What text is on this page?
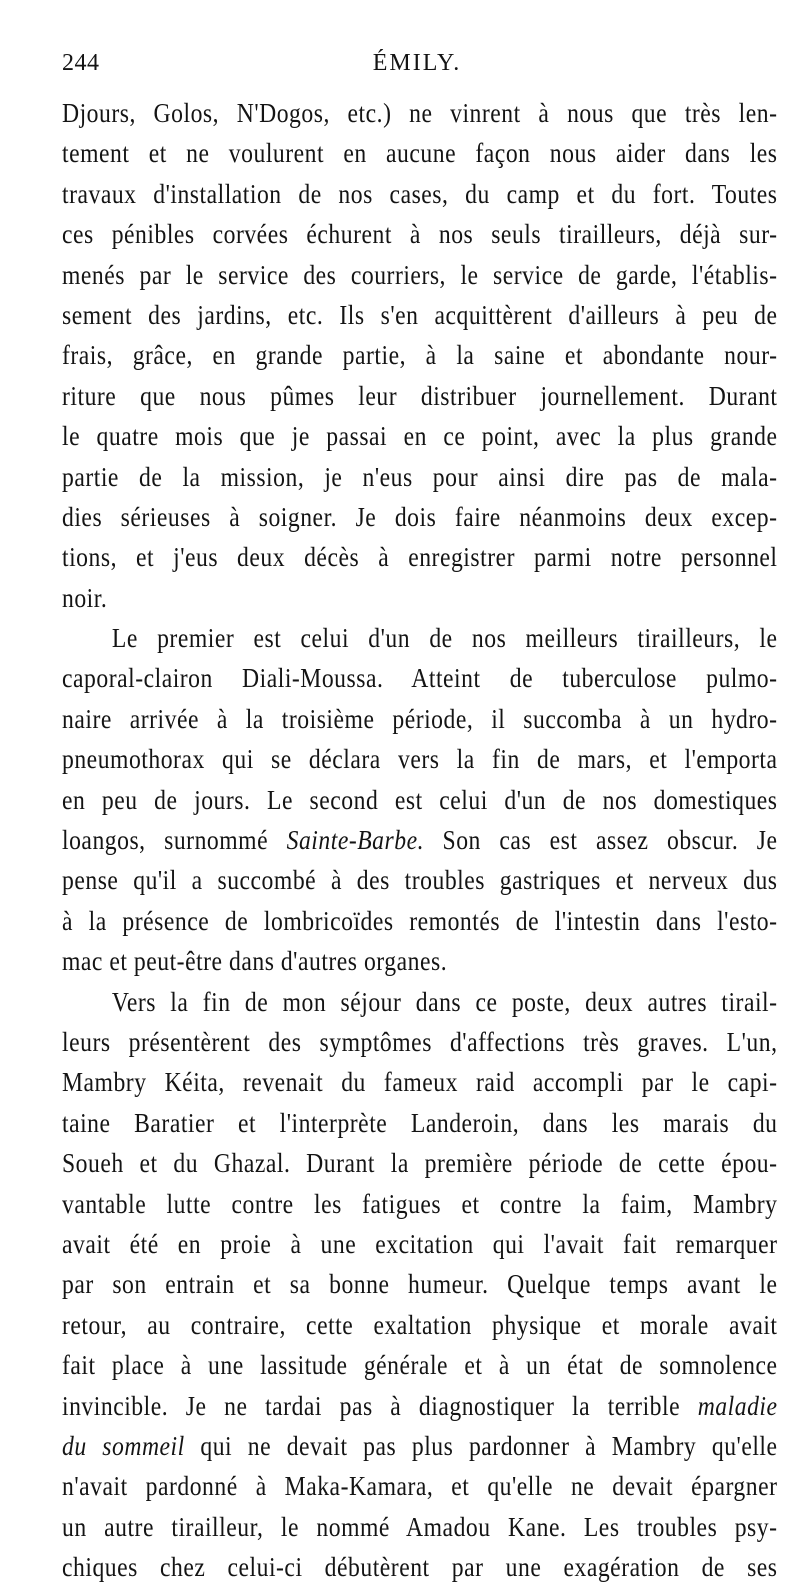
244	ÉMILY.
Djours, Golos, N'Dogos, etc.) ne vinrent à nous que très len-
tement et ne voulurent en aucune façon nous aider dans les
travaux d'installation de nos cases, du camp et du fort. Toutes
ces pénibles corvées échurent à nos seuls tirailleurs, déjà sur-
menés par le service des courriers, le service de garde, l'établis-
sement des jardins, etc. Ils s'en acquittèrent d'ailleurs à peu de
frais, grâce, en grande partie, à la saine et abondante nour-
riture que nous pûmes leur distribuer journellement. Durant
le quatre mois que je passai en ce point, avec la plus grande
partie de la mission, je n'eus pour ainsi dire pas de mala-
dies sérieuses à soigner. Je dois faire néanmoins deux excep-
tions, et j'eus deux décès à enregistrer parmi notre personnel
noir.
Le premier est celui d'un de nos meilleurs tirailleurs, le
caporal-clairon Diali-Moussa. Atteint de tuberculose pulmo-
naire arrivée à la troisième période, il succomba à un hydro-
pneumothorax qui se déclara vers la fin de mars, et l'emporta
en peu de jours. Le second est celui d'un de nos domestiques
loangos, surnommé Sainte-Barbe. Son cas est assez obscur. Je
pense qu'il a succombé à des troubles gastriques et nerveux dus
à la présence de lombricoïdes remontés de l'intestin dans l'esto-
mac et peut-être dans d'autres organes.
Vers la fin de mon séjour dans ce poste, deux autres tirail-
leurs présentèrent des symptômes d'affections très graves. L'un,
Mambry Kéita, revenait du fameux raid accompli par le capi-
taine Baratier et l'interprète Landeroin, dans les marais du
Soueh et du Ghazal. Durant la première période de cette épou-
vantable lutte contre les fatigues et contre la faim, Mambry
avait été en proie à une excitation qui l'avait fait remarquer
par son entrain et sa bonne humeur. Quelque temps avant le
retour, au contraire, cette exaltation physique et morale avait
fait place à une lassitude générale et à un état de somnolence
invincible. Je ne tardai pas à diagnostiquer la terrible maladie
du sommeil qui ne devait pas plus pardonner à Mambry qu'elle
n'avait pardonné à Maka-Kamara, et qu'elle ne devait épargner
un autre tirailleur, le nommé Amadou Kane. Les troubles psy-
chiques chez celui-ci débutèrent par une exagération de ses
